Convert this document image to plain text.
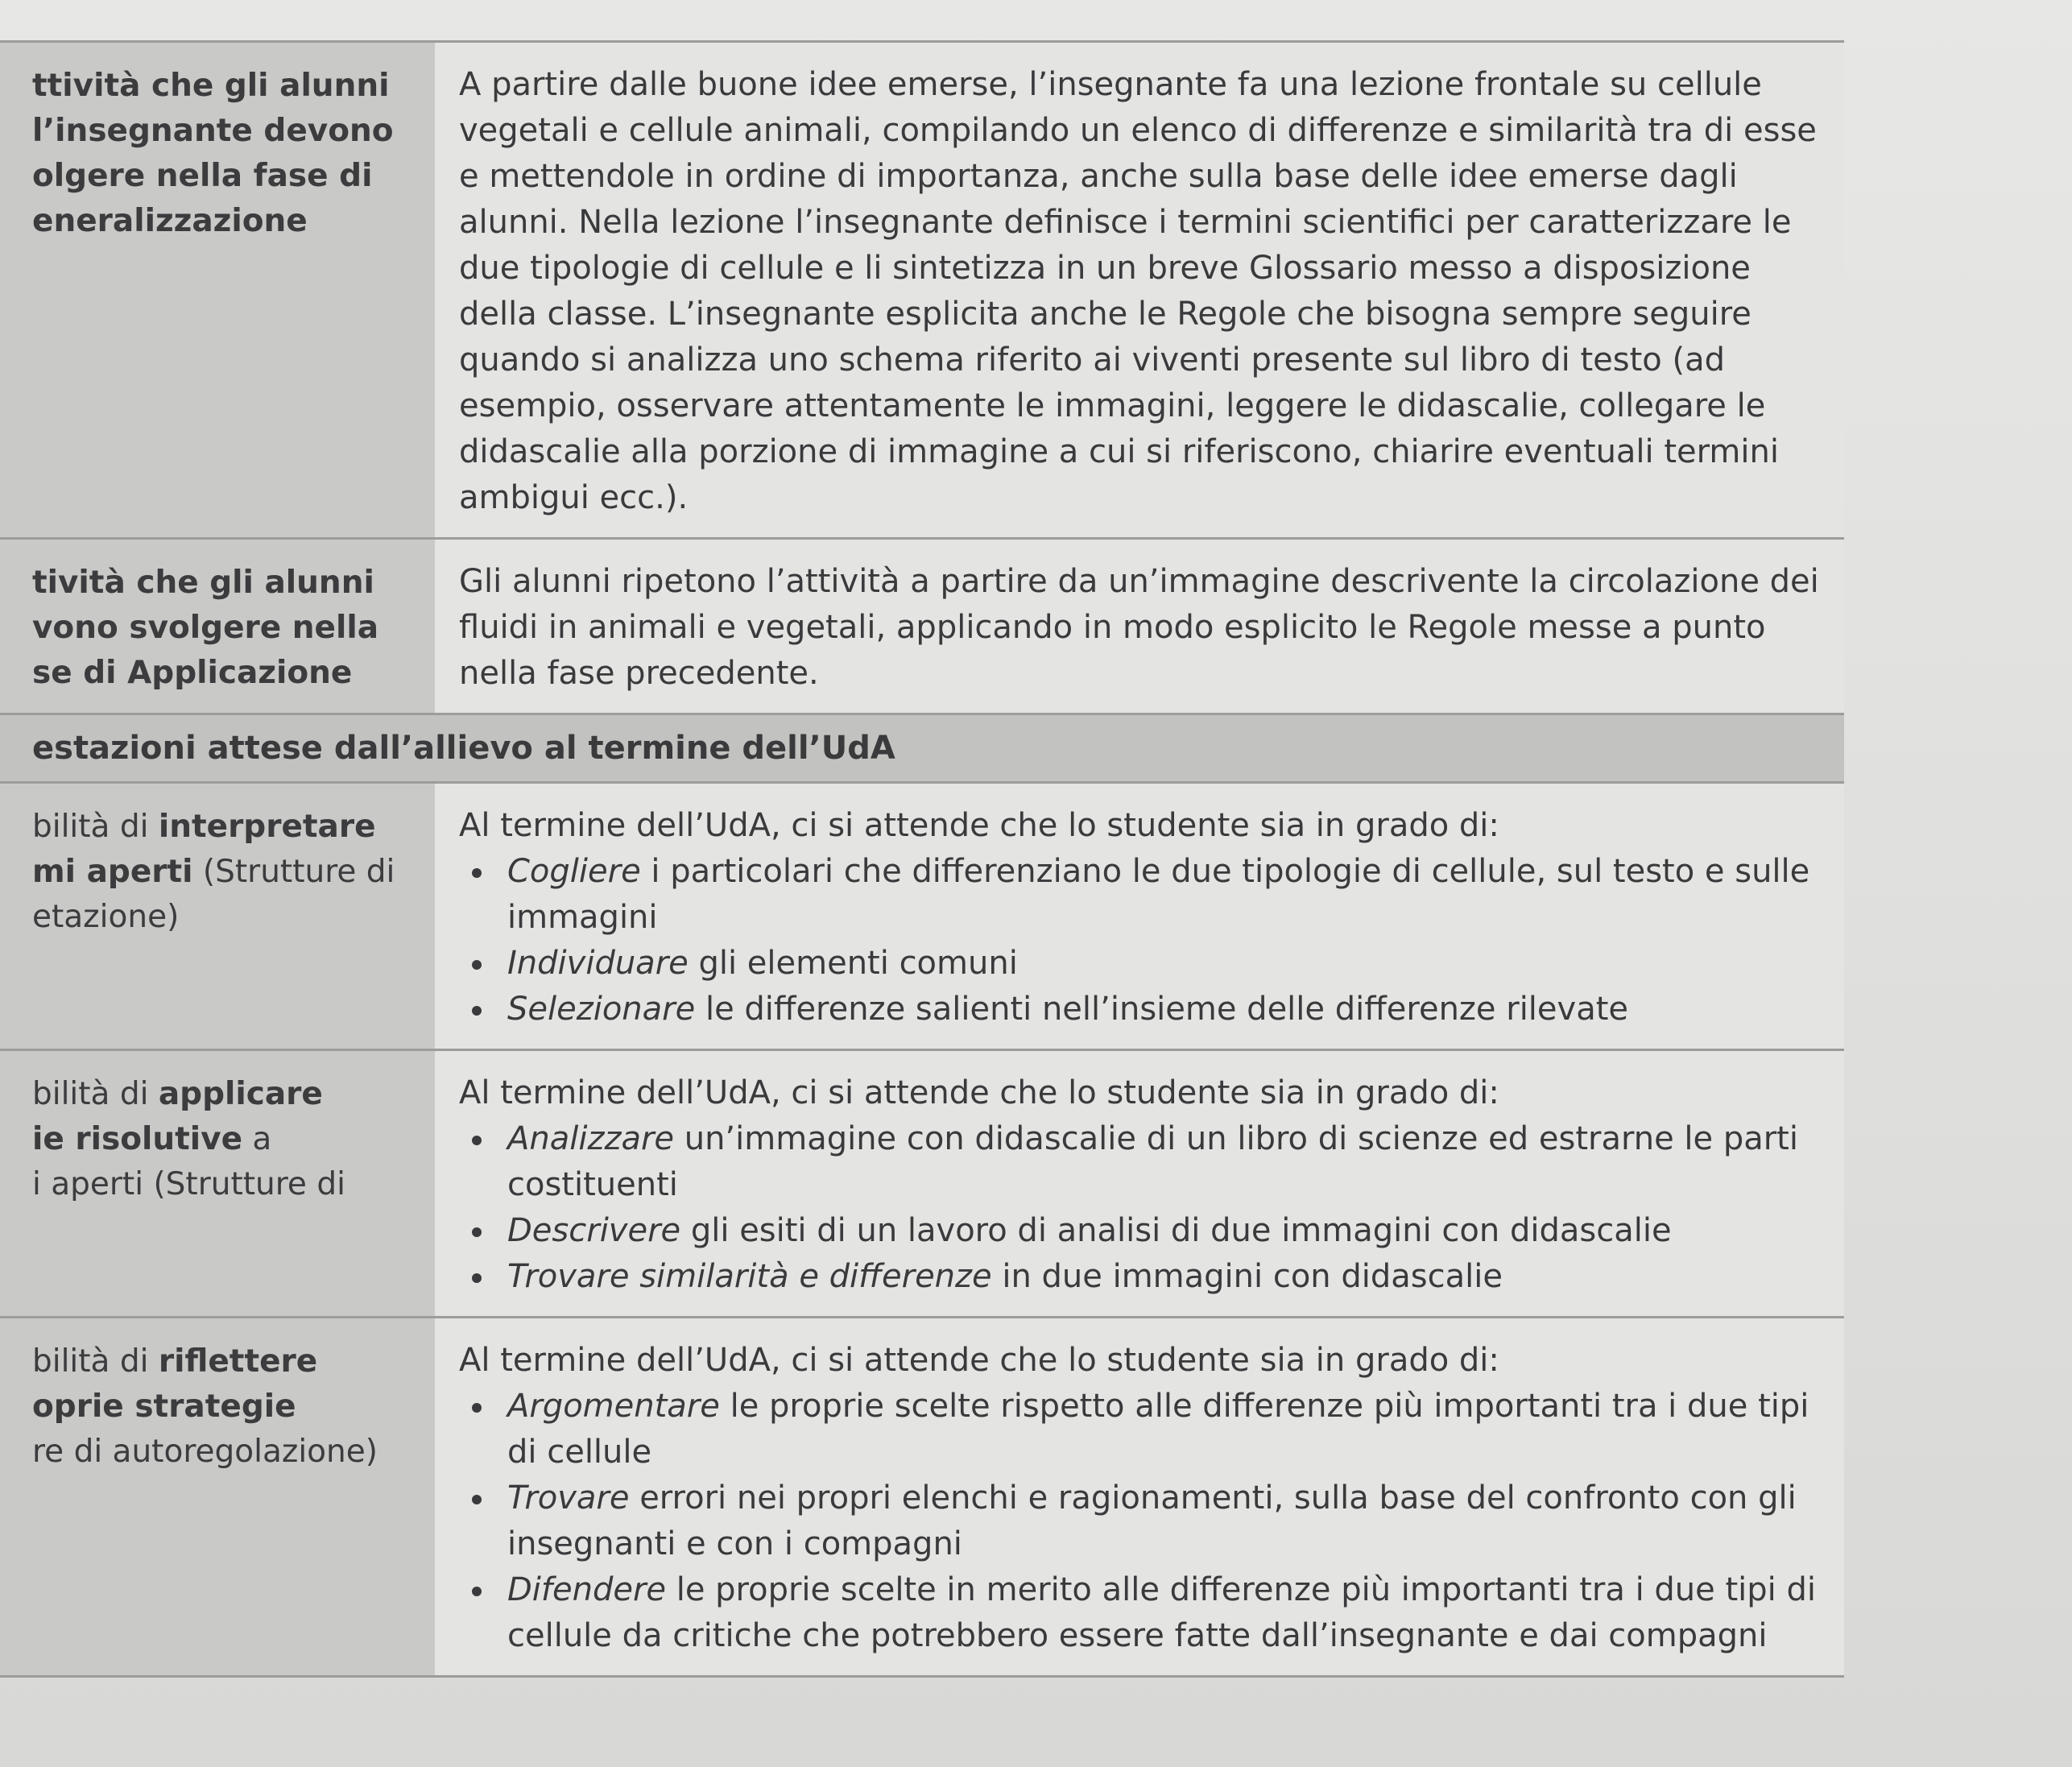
ttività che gli alunni
l’insegnante devono
olgere nella fase di
eneralizzazione
A partire dalle buone idee emerse, l’insegnante fa una lezione frontale su cellule vegetali e cellule animali, compilando un elenco di differenze e similarità tra di esse e mettendole in ordine di importanza, anche sulla base delle idee emerse dagli alunni. Nella lezione l’insegnante definisce i termini scientifici per caratterizzare le due tipologie di cellule e li sintetizza in un breve Glossario messo a disposizione della classe. L’insegnante esplicita anche le Regole che bisogna sempre seguire quando si analizza uno schema riferito ai viventi presente sul libro di testo (ad esempio, osservare attentamente le immagini, leggere le didascalie, collegare le didascalie alla porzione di immagine a cui si riferiscono, chiarire eventuali termini ambigui ecc.).
tività che gli alunni
vono svolgere nella
se di Applicazione
Gli alunni ripetono l’attività a partire da un’immagine descrivente la circolazione dei fluidi in animali e vegetali, applicando in modo esplicito le Regole messe a punto nella fase precedente.
estazioni attese dall’allievo al termine dell’UdA
bilità di interpretare
mi aperti (Strutture di
etazione)
Al termine dell’UdA, ci si attende che lo studente sia in grado di:
Cogliere i particolari che differenziano le due tipologie di cellule, sul testo e sulle immagini
Individuare gli elementi comuni
Selezionare le differenze salienti nell’insieme delle differenze rilevate
bilità di applicare
ie risolutive a
i aperti (Strutture di
Al termine dell’UdA, ci si attende che lo studente sia in grado di:
Analizzare un’immagine con didascalie di un libro di scienze ed estrarne le parti costituenti
Descrivere gli esiti di un lavoro di analisi di due immagini con didascalie
Trovare similarità e differenze in due immagini con didascalie
bilità di riflettere
oprie strategie
re di autoregolazione)
Al termine dell’UdA, ci si attende che lo studente sia in grado di:
Argomentare le proprie scelte rispetto alle differenze più importanti tra i due tipi di cellule
Trovare errori nei propri elenchi e ragionamenti, sulla base del confronto con gli insegnanti e con i compagni
Difendere le proprie scelte in merito alle differenze più importanti tra i due tipi di cellule da critiche che potrebbero essere fatte dall’insegnante e dai compagni
